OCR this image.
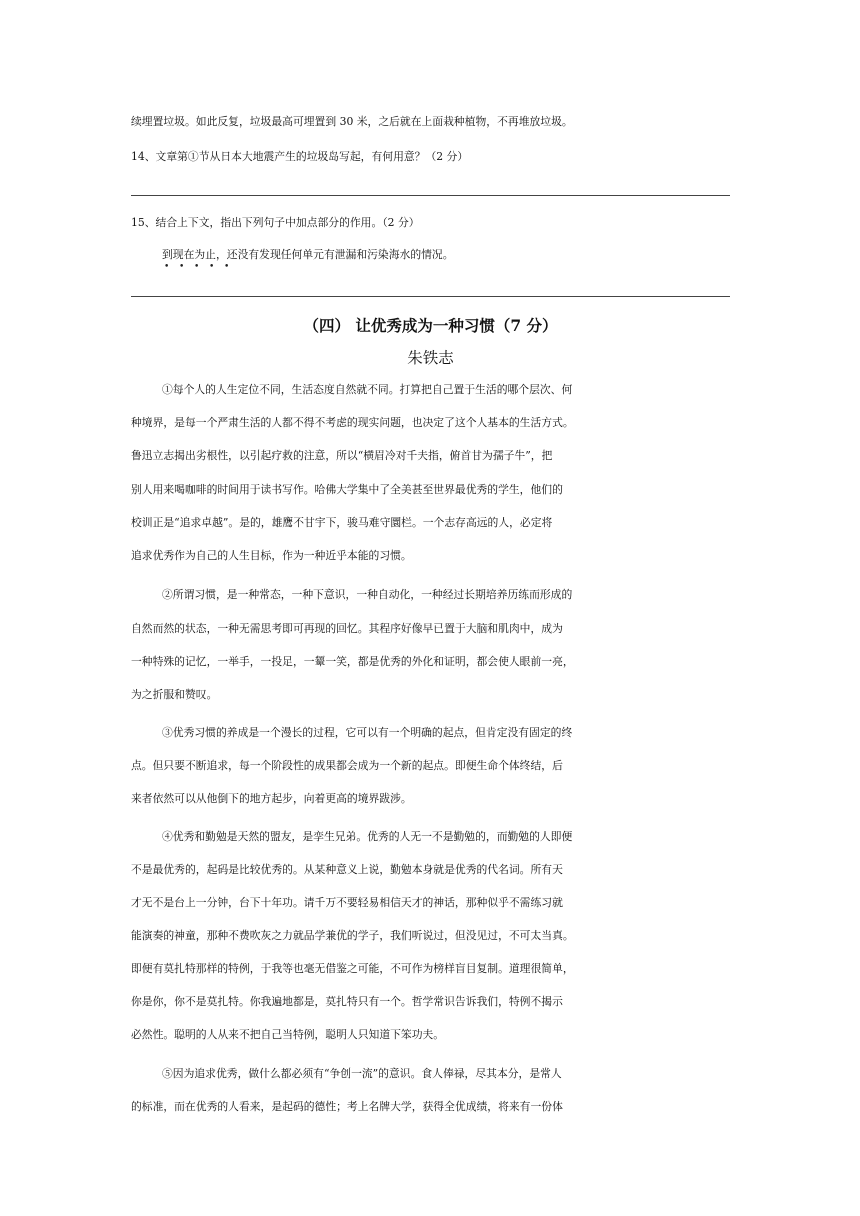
续埋置垃圾。如此反复，垃圾最高可埋置到 30 米，之后就在上面栽种植物，不再堆放垃圾。
14、文章第①节从日本大地震产生的垃圾岛写起，有何用意？（2 分）
15、结合上下文，指出下列句子中加点部分的作用。（2 分）
到现在为止，还没有发现任何单元有泄漏和污染海水的情况。
• • • • •
（四） 让优秀成为一种习惯（7 分）
朱铁志
①每个人的人生定位不同，生活态度自然就不同。打算把自己置于生活的哪个层次、何
种境界，是每一个严肃生活的人都不得不考虑的现实问题，也决定了这个人基本的生活方式。
鲁迅立志揭出劣根性，以引起疗救的注意，所以“横眉冷对千夫指，俯首甘为孺子牛”，把
别人用来喝咖啡的时间用于读书写作。哈佛大学集中了全美甚至世界最优秀的学生，他们的
校训正是“追求卓越”。是的，雄鹰不甘宇下，骏马难守圜栏。一个志存高远的人，必定将
追求优秀作为自己的人生目标，作为一种近乎本能的习惯。
②所谓习惯，是一种常态，一种下意识，一种自动化，一种经过长期培养历练而形成的
自然而然的状态，一种无需思考即可再现的回忆。其程序好像早已置于大脑和肌肉中，成为
一种特殊的记忆，一举手，一投足，一颦一笑，都是优秀的外化和证明，都会使人眼前一亮，
为之折服和赞叹。
③优秀习惯的养成是一个漫长的过程，它可以有一个明确的起点，但肯定没有固定的终
点。但只要不断追求，每一个阶段性的成果都会成为一个新的起点。即便生命个体终结，后
来者依然可以从他倒下的地方起步，向着更高的境界跋涉。
④优秀和勤勉是天然的盟友，是孪生兄弟。优秀的人无一不是勤勉的，而勤勉的人即便
不是最优秀的，起码是比较优秀的。从某种意义上说，勤勉本身就是优秀的代名词。所有天
才无不是台上一分钟，台下十年功。请千万不要轻易相信天才的神话，那种似乎不需练习就
能演奏的神童，那种不费吹灰之力就品学兼优的学子，我们听说过，但没见过，不可太当真。
即便有莫扎特那样的特例，于我等也毫无借鉴之可能，不可作为榜样盲目复制。道理很简单，
你是你，你不是莫扎特。你我遍地都是，莫扎特只有一个。哲学常识告诉我们，特例不揭示
必然性。聪明的人从来不把自己当特例，聪明人只知道下笨功夫。
⑤因为追求优秀，做什么都必须有“争创一流”的意识。食人俸禄，尽其本分，是常人
的标准，而在优秀的人看来，是起码的德性；考上名牌大学，获得全优成绩，将来有一份体
